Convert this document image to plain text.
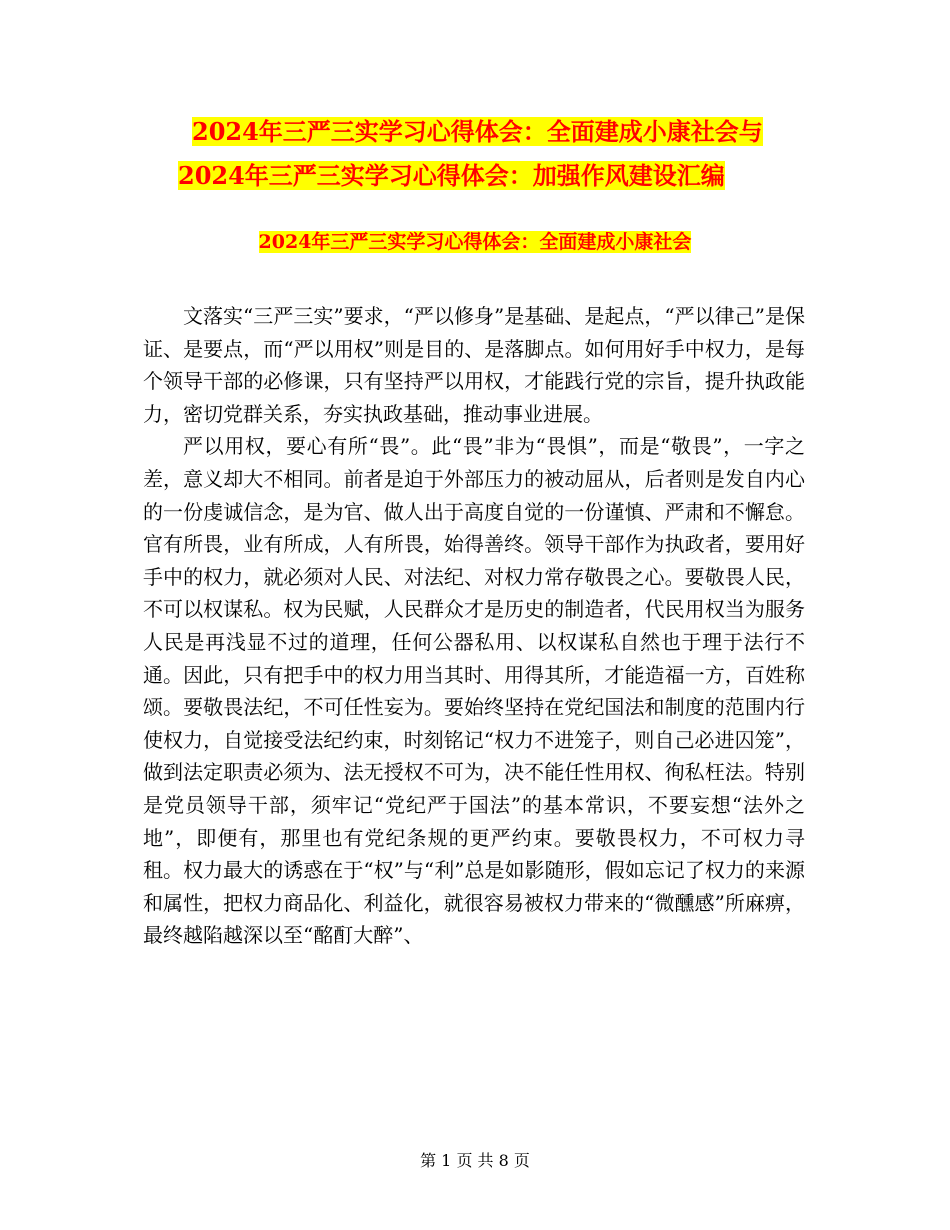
2024年三严三实学习心得体会：全面建成小康社会与
2024年三严三实学习心得体会：加强作风建设汇编
2024年三严三实学习心得体会：全面建成小康社会

文落实“三严三实”要求，“严以修身”是基础、是起点，“严以律己”是保证、是要点，而“严以用权”则是目的、是落脚点。如何用好手中权力，是每个领导干部的必修课，只有坚持严以用权，才能践行党的宗旨，提升执政能力，密切党群关系，夯实执政基础，推动事业进展。

严以用权，要心有所“畏”。此“畏”非为“畏惧”，而是“敬畏”，一字之差，意义却大不相同。前者是迫于外部压力的被动屈从，后者则是发自内心的一份虔诚信念，是为官、做人出于高度自觉的一份谨慎、严肃和不懈怠。官有所畏，业有所成，人有所畏，始得善终。领导干部作为执政者，要用好手中的权力，就必须对人民、对法纪、对权力常存敬畏之心。要敬畏人民，不可以权谋私。权为民赋，人民群众才是历史的制造者，代民用权当为服务人民是再浅显不过的道理，任何公器私用、以权谋私自然也于理于法行不通。因此，只有把手中的权力用当其时、用得其所，才能造福一方，百姓称颂。要敬畏法纪，不可任性妄为。要始终坚持在党纪国法和制度的范围内行使权力，自觉接受法纪约束，时刻铭记“权力不进笼子，则自己必进囚笼”，做到法定职责必须为、法无授权不可为，决不能任性用权、徇私枉法。特别是党员领导干部，须牢记“党纪严于国法”的基本常识，不要妄想“法外之地”，即便有，那里也有党纪条规的更严约束。要敬畏权力，不可权力寻租。权力最大的诱惑在于“权”与“利”总是如影随形，假如忘记了权力的来源和属性，把权力商品化、利益化，就很容易被权力带来的“微醺感”所麻痹，最终越陷越深以至“酩酊大醉”、

第 1 页 共 8 页
